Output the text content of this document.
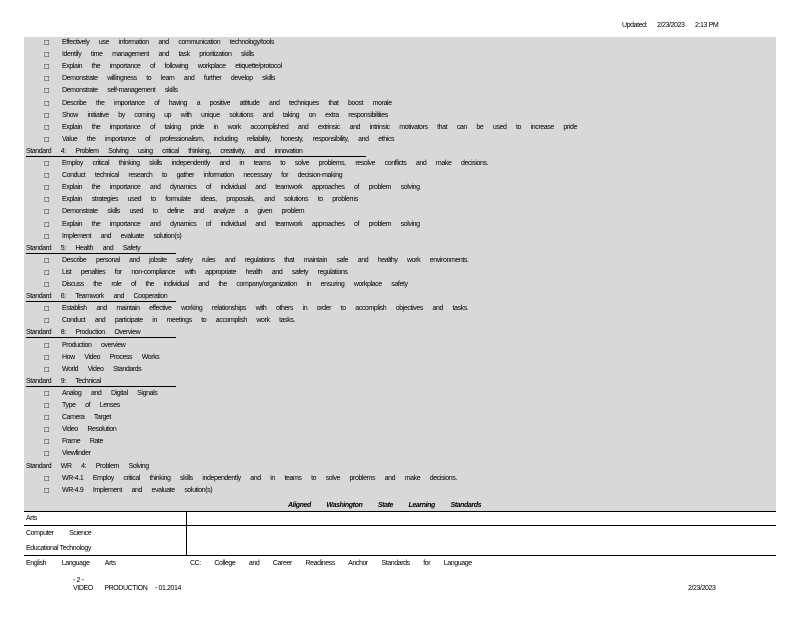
Updated: 2/23/2023 2:13 PM
□ Effectively use information and communication technology/tools
□ Identify time management and task prioritization skills
□ Explain the importance of following workplace etiquette/protocol
□ Demonstrate willingness to learn and further develop skills
□ Demonstrate self-management skills
□ Describe the importance of having a positive attitude and techniques that boost morale
□ Show initiative by coming up with unique solutions and taking on extra responsibilities
□ Explain the importance of taking pride in work accomplished and extrinsic and intrinsic motivators that can be used to increase pride
□ Value the importance of professionalism, including reliability, honesty, responsibility, and ethics
Standard 4: Problem Solving using critical thinking, creativity, and innovation
□ Employ critical thinking skills independently and in teams to solve problems, resolve conflicts and make decisions.
□ Conduct technical research to gather information necessary for decision-making
□ Explain the importance and dynamics of individual and teamwork approaches of problem solving
□ Explain strategies used to formulate ideas, proposals, and solutions to problems
□ Demonstrate skills used to define and analyze a given problem
□ Explain the importance and dynamics of individual and teamwork approaches of problem solving
□ Implement and evaluate solution(s)
Standard 5: Health and Safety
□ Describe personal and jobsite safety rules and regulations that maintain safe and healthy work environments.
□ List penalties for non-compliance with appropriate health and safety regulations
□ Discuss the role of the individual and the company/organization in ensuring workplace safety
Standard 6: Teamwork and Cooperation
□ Establish and maintain effective working relationships with others in order to accomplish objectives and tasks.
□ Conduct and participate in meetings to accomplish work tasks.
Standard 8: Production Overview
□ Production overview
□ How Video Process Works
□ World Video Standards
Standard 9: Technical
□ Analog and Digital Signals
□ Type of Lenses
□ Camera Target
□ Video Resolution
□ Frame Rate
□ Viewfinder
Standard WR 4: Problem Solving
□ WR-4.1 Employ critical thinking skills independently and in teams to solve problems and make decisions.
□ WR-4.9 Implement and evaluate solution(s)
Aligned Washington State Learning Standards
Arts
Computer Science
Educational Technology
English Language Arts	CC: College and Career Readiness Anchor Standards for Language
- 2 -
VIDEO PRODUCTION - 01.2014	2/23/2023
